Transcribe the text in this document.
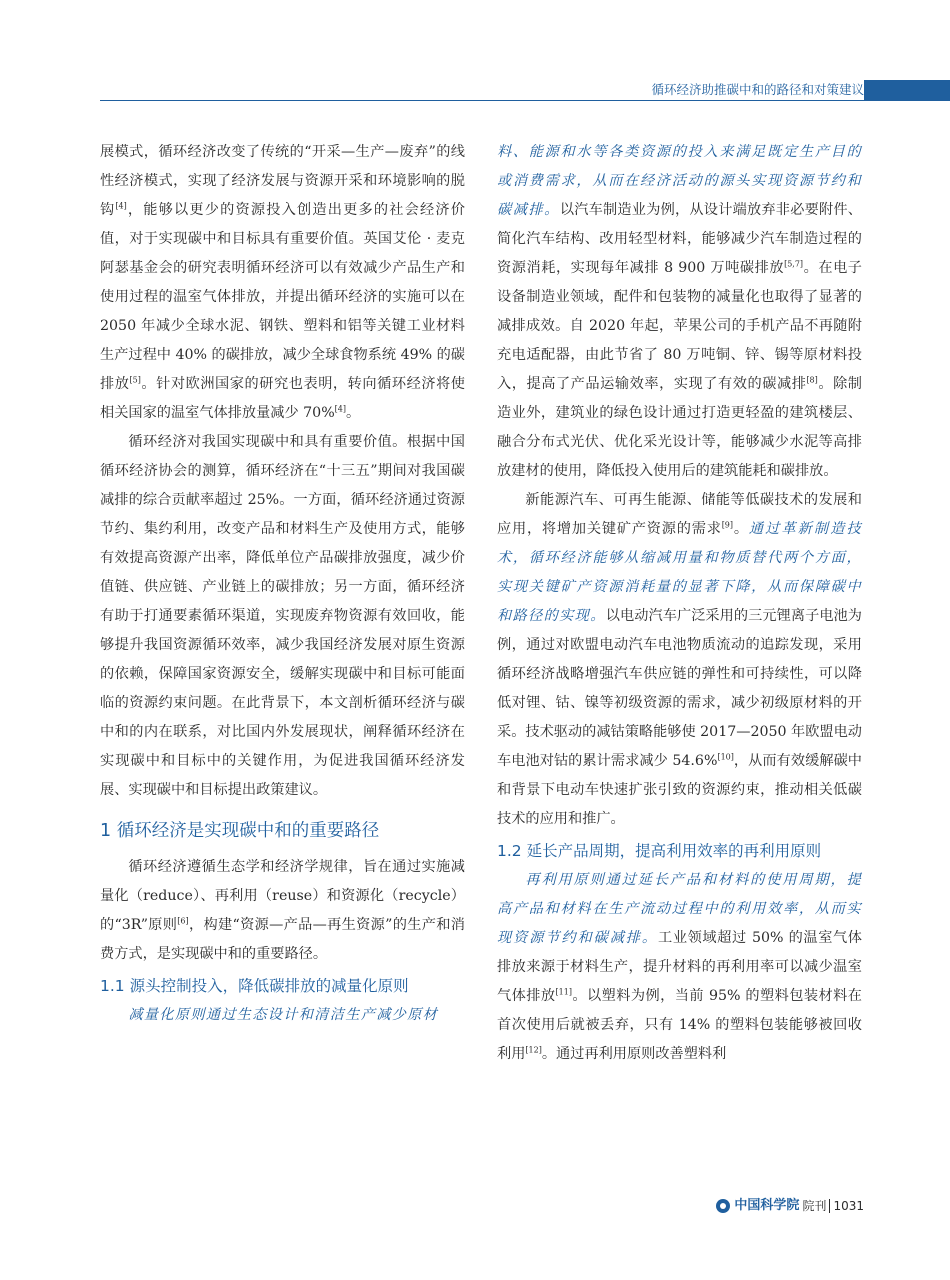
循环经济助推碳中和的路径和对策建议

展模式，循环经济改变了传统的“开采—生产—废弃”的线性经济模式，实现了经济发展与资源开采和环境影响的脱钩[4]，能够以更少的资源投入创造出更多的社会经济价值，对于实现碳中和目标具有重要价值。英国艾伦 · 麦克阿瑟基金会的研究表明循环经济可以有效减少产品生产和使用过程的温室气体排放，并提出循环经济的实施可以在 2050 年减少全球水泥、钢铁、塑料和铝等关键工业材料生产过程中 40% 的碳排放，减少全球食物系统 49% 的碳排放[5]。针对欧洲国家的研究也表明，转向循环经济将使相关国家的温室气体排放量减少 70%[4]。

循环经济对我国实现碳中和具有重要价值。根据中国循环经济协会的测算，循环经济在“十三五”期间对我国碳减排的综合贡献率超过 25%。一方面，循环经济通过资源节约、集约利用，改变产品和材料生产及使用方式，能够有效提高资源产出率，降低单位产品碳排放强度，减少价值链、供应链、产业链上的碳排放；另一方面，循环经济有助于打通要素循环渠道，实现废弃物资源有效回收，能够提升我国资源循环效率，减少我国经济发展对原生资源的依赖，保障国家资源安全，缓解实现碳中和目标可能面临的资源约束问题。在此背景下，本文剖析循环经济与碳中和的内在联系，对比国内外发展现状，阐释循环经济在实现碳中和目标中的关键作用，为促进我国循环经济发展、实现碳中和目标提出政策建议。

1 循环经济是实现碳中和的重要路径

循环经济遵循生态学和经济学规律，旨在通过实施减量化（reduce）、再利用（reuse）和资源化（recycle）的“3R”原则[6]，构建“资源—产品—再生资源”的生产和消费方式，是实现碳中和的重要路径。

1.1 源头控制投入，降低碳排放的减量化原则

减量化原则通过生态设计和清洁生产减少原材

料、能源和水等各类资源的投入来满足既定生产目的或消费需求，从而在经济活动的源头实现资源节约和碳减排。以汽车制造业为例，从设计端放弃非必要附件、简化汽车结构、改用轻型材料，能够减少汽车制造过程的资源消耗，实现每年减排 8 900 万吨碳排放[5,7]。在电子设备制造业领域，配件和包装物的减量化也取得了显著的减排成效。自 2020 年起，苹果公司的手机产品不再随附充电适配器，由此节省了 80 万吨铜、锌、锡等原材料投入，提高了产品运输效率，实现了有效的碳减排[8]。除制造业外，建筑业的绿色设计通过打造更轻盈的建筑楼层、融合分布式光伏、优化采光设计等，能够减少水泥等高排放建材的使用，降低投入使用后的建筑能耗和碳排放。

新能源汽车、可再生能源、储能等低碳技术的发展和应用，将增加关键矿产资源的需求[9]。通过革新制造技术，循环经济能够从缩减用量和物质替代两个方面，实现关键矿产资源消耗量的显著下降，从而保障碳中和路径的实现。以电动汽车广泛采用的三元锂离子电池为例，通过对欧盟电动汽车电池物质流动的追踪发现，采用循环经济战略增强汽车供应链的弹性和可持续性，可以降低对锂、钴、镍等初级资源的需求，减少初级原材料的开采。技术驱动的减钴策略能够使 2017—2050 年欧盟电动车电池对钴的累计需求减少 54.6%[10]，从而有效缓解碳中和背景下电动车快速扩张引致的资源约束，推动相关低碳技术的应用和推广。

1.2 延长产品周期，提高利用效率的再利用原则

再利用原则通过延长产品和材料的使用周期，提高产品和材料在生产流动过程中的利用效率，从而实现资源节约和碳减排。工业领域超过 50% 的温室气体排放来源于材料生产，提升材料的再利用率可以减少温室气体排放[11]。以塑料为例，当前 95% 的塑料包装材料在首次使用后就被丢弃，只有 14% 的塑料包装能够被回收利用[12]。通过再利用原则改善塑料利

中国科学院 院刊 1031
